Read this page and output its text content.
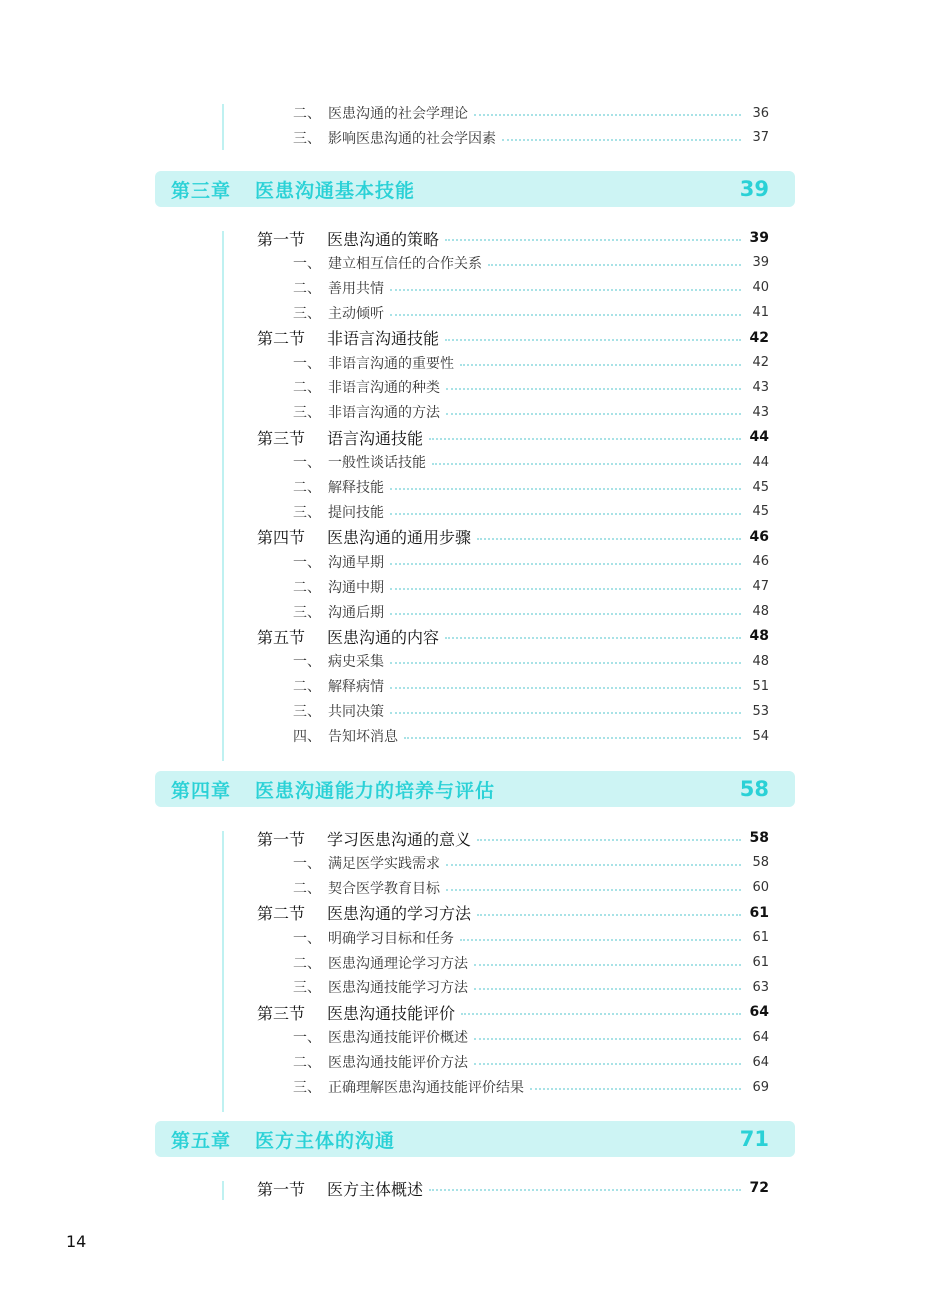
二、 医患沟通的社会学理论	36
三、 影响医患沟通的社会学因素	37
第三章	医患沟通基本技能	39
第一节	医患沟通的策略	39
一、 建立相互信任的合作关系	39
二、 善用共情	40
三、 主动倾听	41
第二节	非语言沟通技能	42
一、 非语言沟通的重要性	42
二、 非语言沟通的种类	43
三、 非语言沟通的方法	43
第三节	语言沟通技能	44
一、 一般性谈话技能	44
二、 解释技能	45
三、 提问技能	45
第四节	医患沟通的通用步骤	46
一、 沟通早期	46
二、 沟通中期	47
三、 沟通后期	48
第五节	医患沟通的内容	48
一、 病史采集	48
二、 解释病情	51
三、 共同决策	53
四、 告知坏消息	54
第四章	医患沟通能力的培养与评估	58
第一节	学习医患沟通的意义	58
一、 满足医学实践需求	58
二、 契合医学教育目标	60
第二节	医患沟通的学习方法	61
一、 明确学习目标和任务	61
二、 医患沟通理论学习方法	61
三、 医患沟通技能学习方法	63
第三节	医患沟通技能评价	64
一、 医患沟通技能评价概述	64
二、 医患沟通技能评价方法	64
三、 正确理解医患沟通技能评价结果	69
第五章	医方主体的沟通	71
第一节	医方主体概述	72
14
